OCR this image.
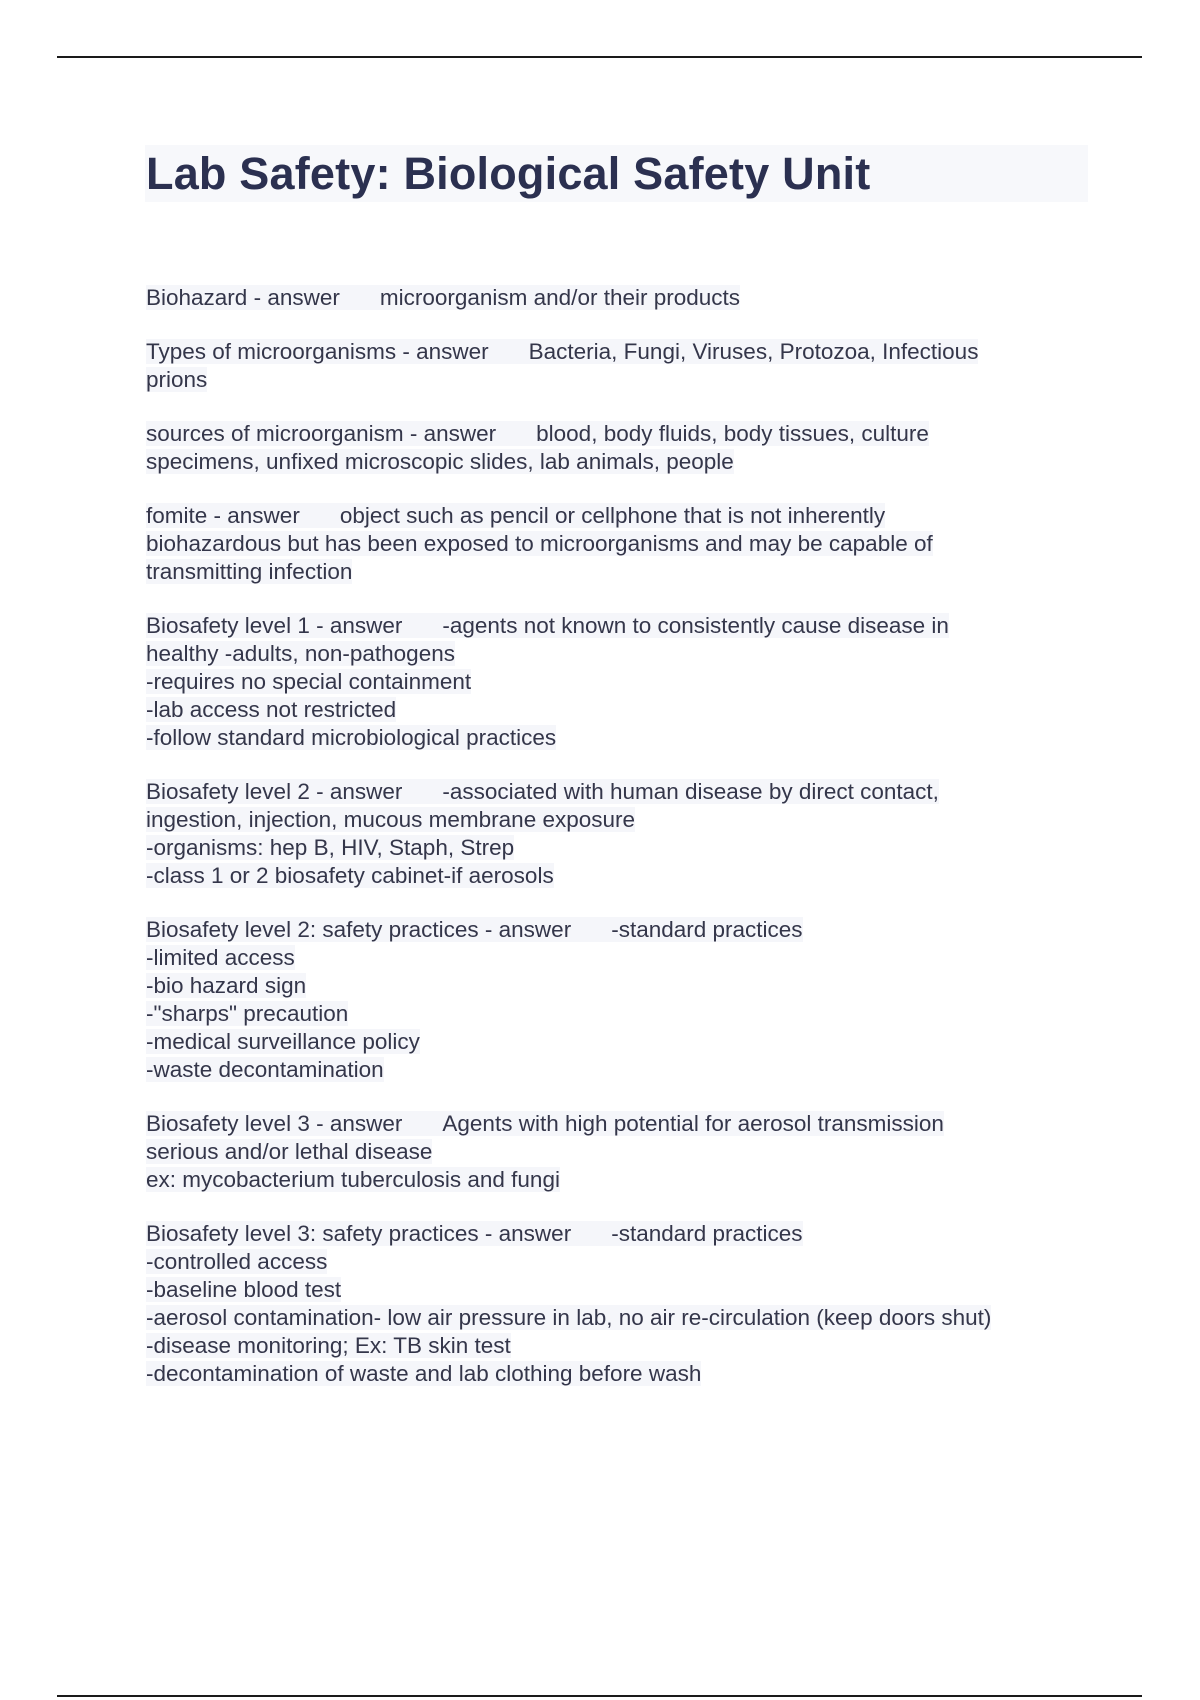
Lab Safety: Biological Safety Unit
Biohazard - answer microorganism and/or their products
Types of microorganisms - answer Bacteria, Fungi, Viruses, Protozoa, Infectious
prions
sources of microorganism - answer blood, body fluids, body tissues, culture
specimens, unfixed microscopic slides, lab animals, people
fomite - answer object such as pencil or cellphone that is not inherently
biohazardous but has been exposed to microorganisms and may be capable of
transmitting infection
Biosafety level 1 - answer -agents not known to consistently cause disease in
healthy -adults, non-pathogens
-requires no special containment
-lab access not restricted
-follow standard microbiological practices
Biosafety level 2 - answer -associated with human disease by direct contact,
ingestion, injection, mucous membrane exposure
-organisms: hep B, HIV, Staph, Strep
-class 1 or 2 biosafety cabinet-if aerosols
Biosafety level 2: safety practices - answer -standard practices
-limited access
-bio hazard sign
-"sharps" precaution
-medical surveillance policy
-waste decontamination
Biosafety level 3 - answer Agents with high potential for aerosol transmission
serious and/or lethal disease
ex: mycobacterium tuberculosis and fungi
Biosafety level 3: safety practices - answer -standard practices
-controlled access
-baseline blood test
-aerosol contamination- low air pressure in lab, no air re-circulation (keep doors shut)
-disease monitoring; Ex: TB skin test
-decontamination of waste and lab clothing before wash
